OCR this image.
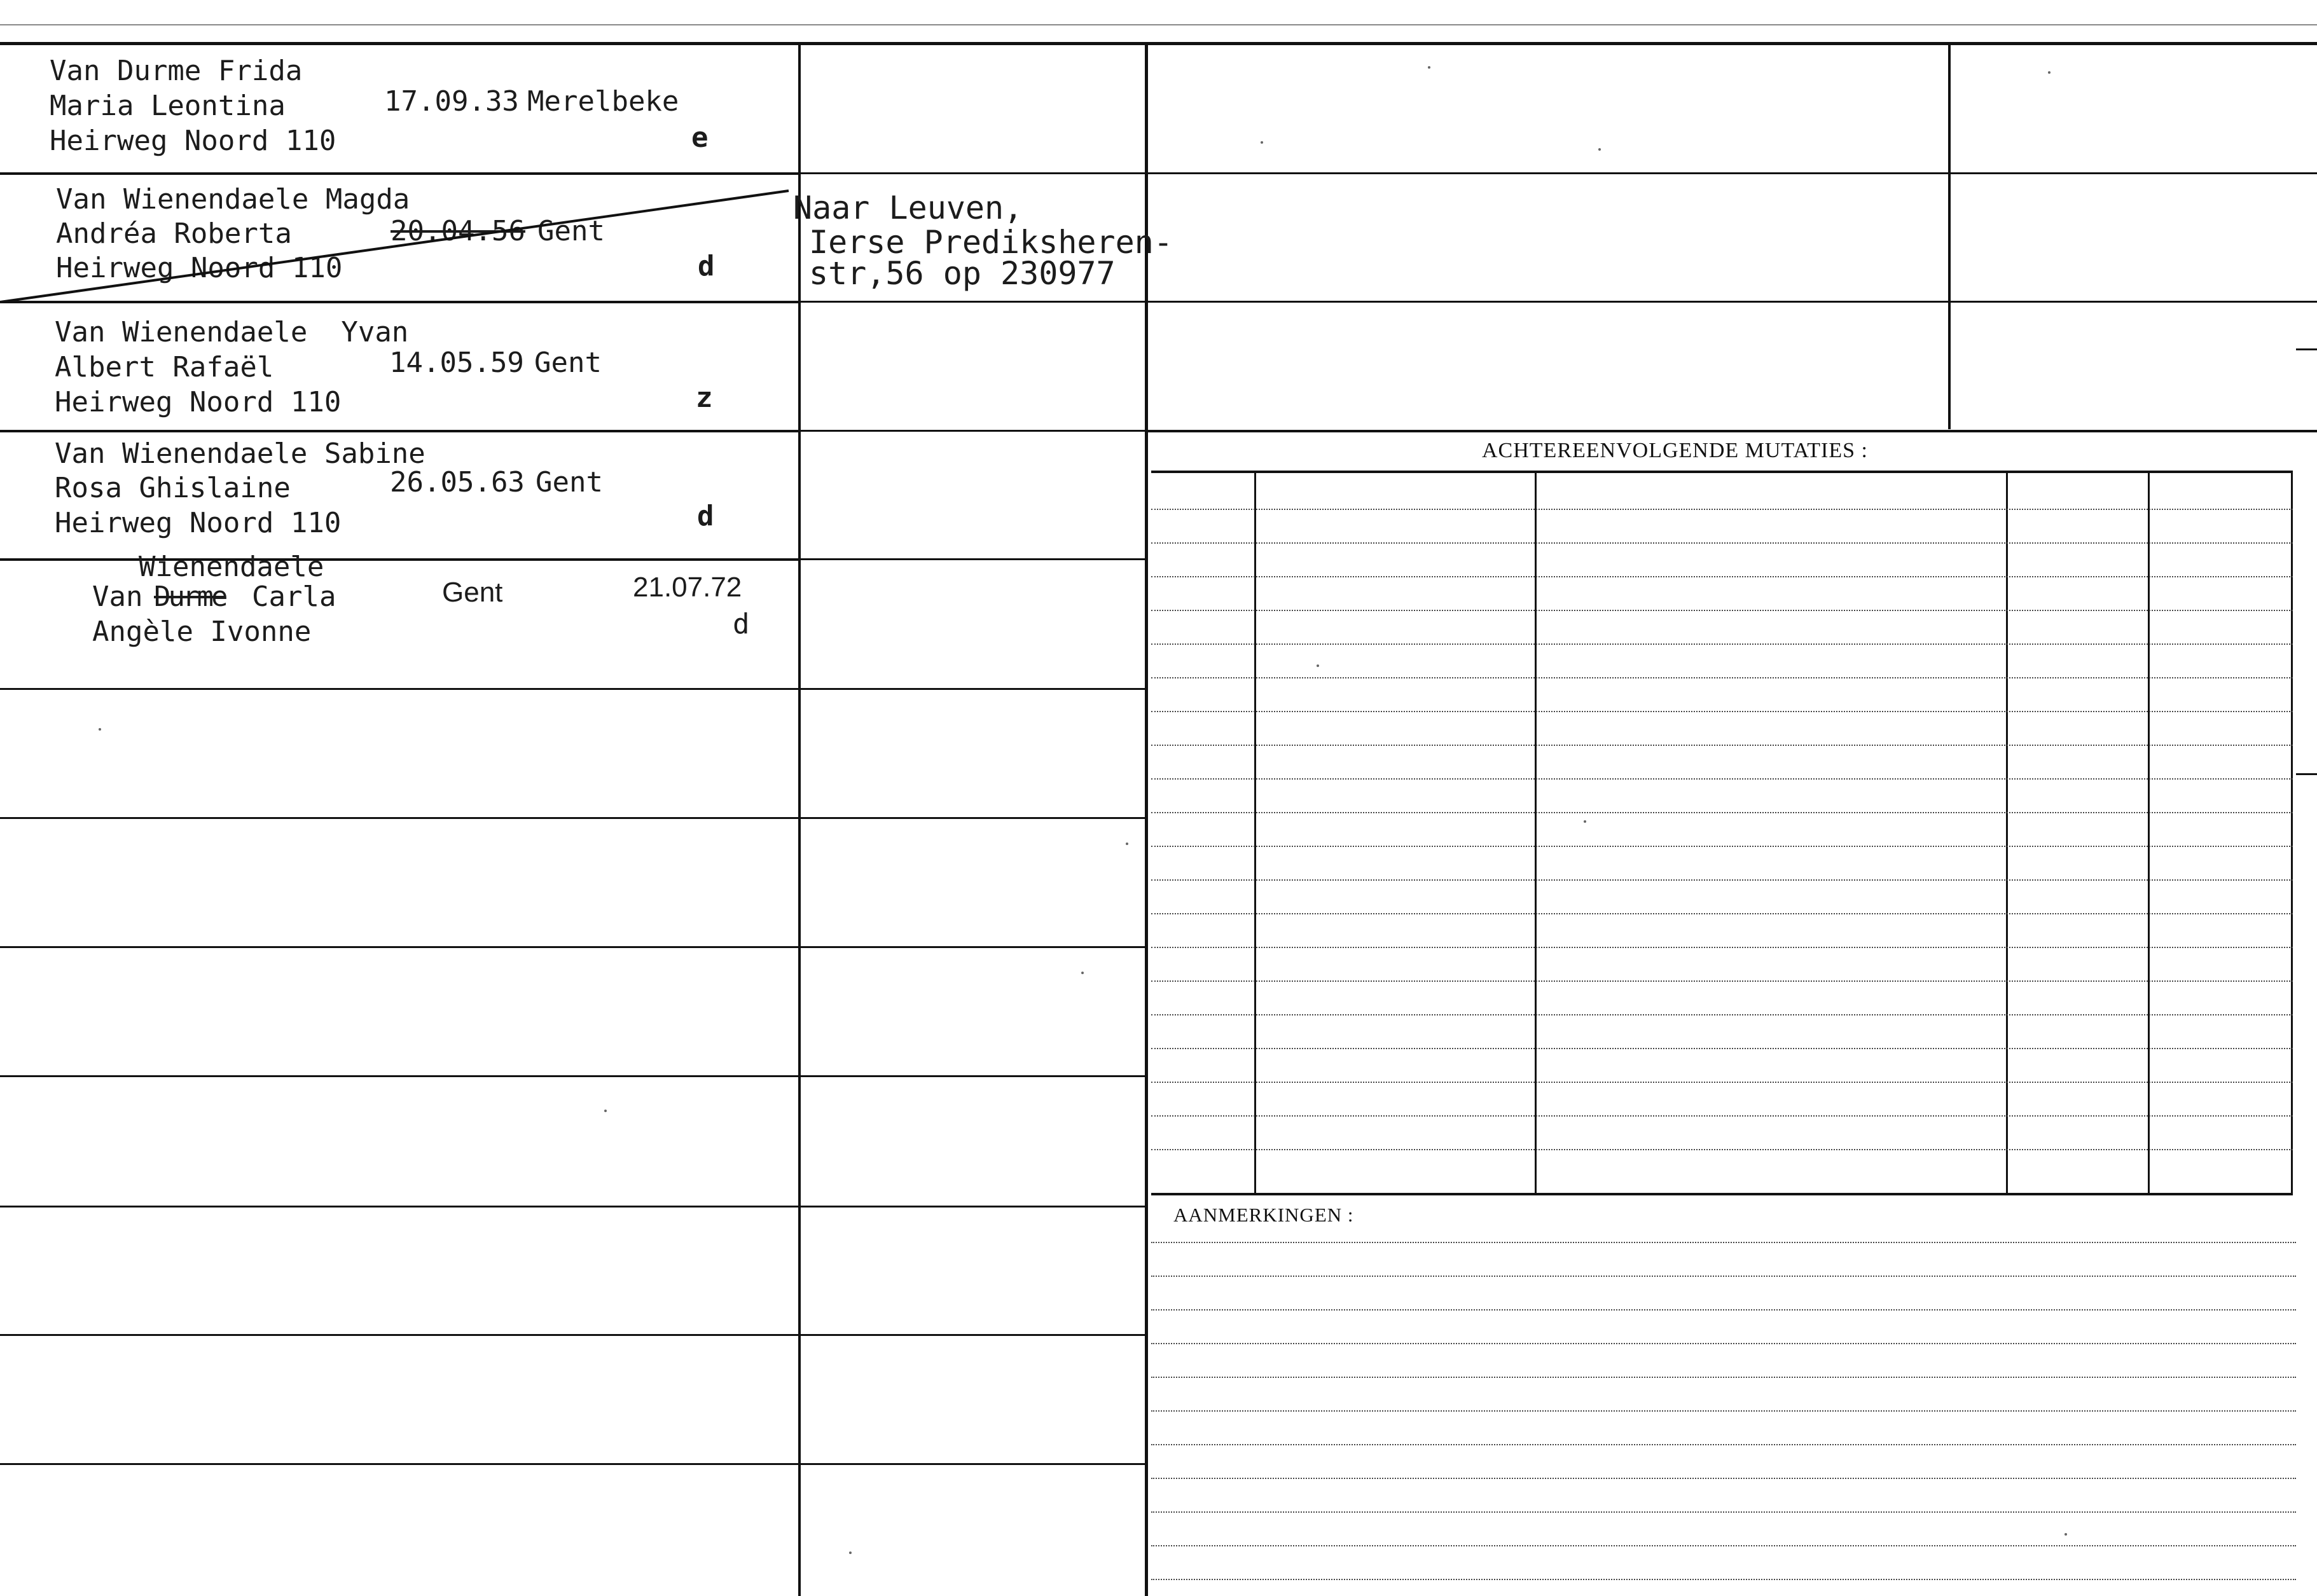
ACHTEREENVOLGENDE MUTATIES :
AANMERKINGEN :
Van Durme Frida
Maria Leontina
Heirweg Noord 110
17.09.33 Merelbeke
e
Van Wienendaele Magda
Andréa Roberta
Heirweg Noord 110
20.04.56 Gent
d
Van Wienendaele  Yvan
Albert Rafaël
Heirweg Noord 110
14.05.59 Gent
z
Van Wienendaele Sabine
Rosa Ghislaine
Heirweg Noord 110
26.05.63 Gent
d
Wienendaele
Van Durme Carla
Angèle Ivonne
Gent	21.07.72
d
Naar Leuven,
Ierse Prediksheren-
str,56 op 230977
